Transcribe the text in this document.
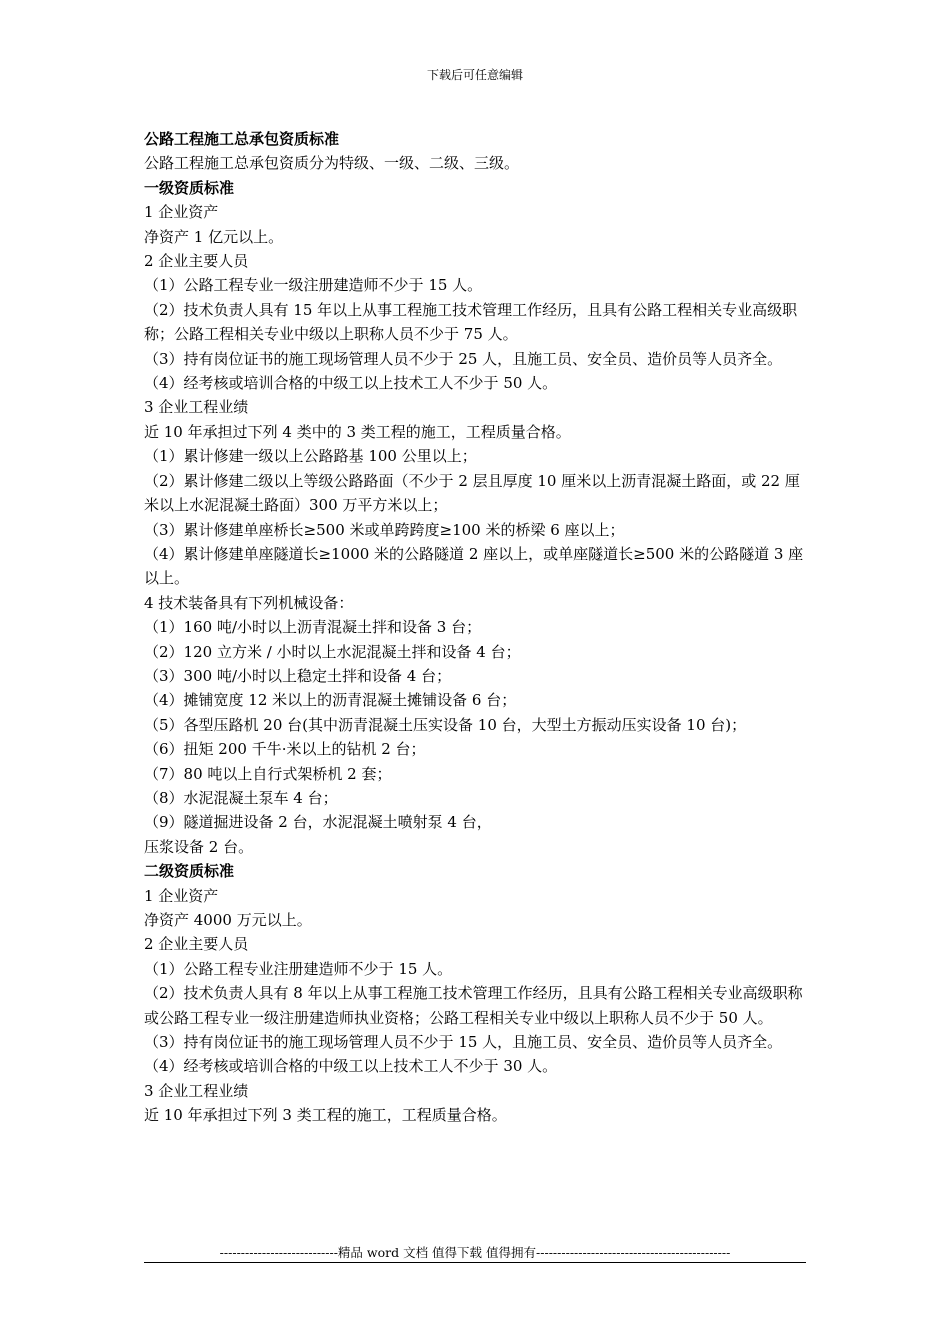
下载后可任意编辑
公路工程施工总承包资质标准
公路工程施工总承包资质分为特级、一级、二级、三级。
一级资质标准
1 企业资产
净资产 1 亿元以上。
2 企业主要人员
（1）公路工程专业一级注册建造师不少于 15 人。
（2）技术负责人具有 15 年以上从事工程施工技术管理工作经历，且具有公路工程相关专业高级职称；公路工程相关专业中级以上职称人员不少于 75 人。
（3）持有岗位证书的施工现场管理人员不少于 25 人，且施工员、安全员、造价员等人员齐全。
（4）经考核或培训合格的中级工以上技术工人不少于 50 人。
3 企业工程业绩
近 10 年承担过下列 4 类中的 3 类工程的施工，工程质量合格。
（1）累计修建一级以上公路路基 100 公里以上；
（2）累计修建二级以上等级公路路面（不少于 2 层且厚度 10 厘米以上沥青混凝土路面，或 22 厘米以上水泥混凝土路面）300 万平方米以上；
（3）累计修建单座桥长≥500 米或单跨跨度≥100 米的桥梁 6 座以上；
（4）累计修建单座隧道长≥1000 米的公路隧道 2 座以上，或单座隧道长≥500 米的公路隧道 3 座以上。
4 技术装备具有下列机械设备：
（1）160 吨/小时以上沥青混凝土拌和设备 3 台；
（2）120 立方米 / 小时以上水泥混凝土拌和设备 4 台；
（3）300 吨/小时以上稳定土拌和设备 4 台；
（4）摊铺宽度 12 米以上的沥青混凝土摊铺设备 6 台；
（5）各型压路机 20 台(其中沥青混凝土压实设备 10 台，大型土方振动压实设备 10 台)；
（6）扭矩 200 千牛·米以上的钻机 2 台；
（7）80 吨以上自行式架桥机 2 套；
（8）水泥混凝土泵车 4 台；
（9）隧道掘进设备 2 台，水泥混凝土喷射泵 4 台，
压浆设备 2 台。
二级资质标准
1 企业资产
净资产 4000 万元以上。
2 企业主要人员
（1）公路工程专业注册建造师不少于 15 人。
（2）技术负责人具有 8 年以上从事工程施工技术管理工作经历，且具有公路工程相关专业高级职称或公路工程专业一级注册建造师执业资格；公路工程相关专业中级以上职称人员不少于 50 人。
（3）持有岗位证书的施工现场管理人员不少于 15 人，且施工员、安全员、造价员等人员齐全。
（4）经考核或培训合格的中级工以上技术工人不少于 30 人。
3 企业工程业绩
近 10 年承担过下列 3 类工程的施工，工程质量合格。
----------------------------精品 word 文档 值得下载 值得拥有----------------------------------------------
